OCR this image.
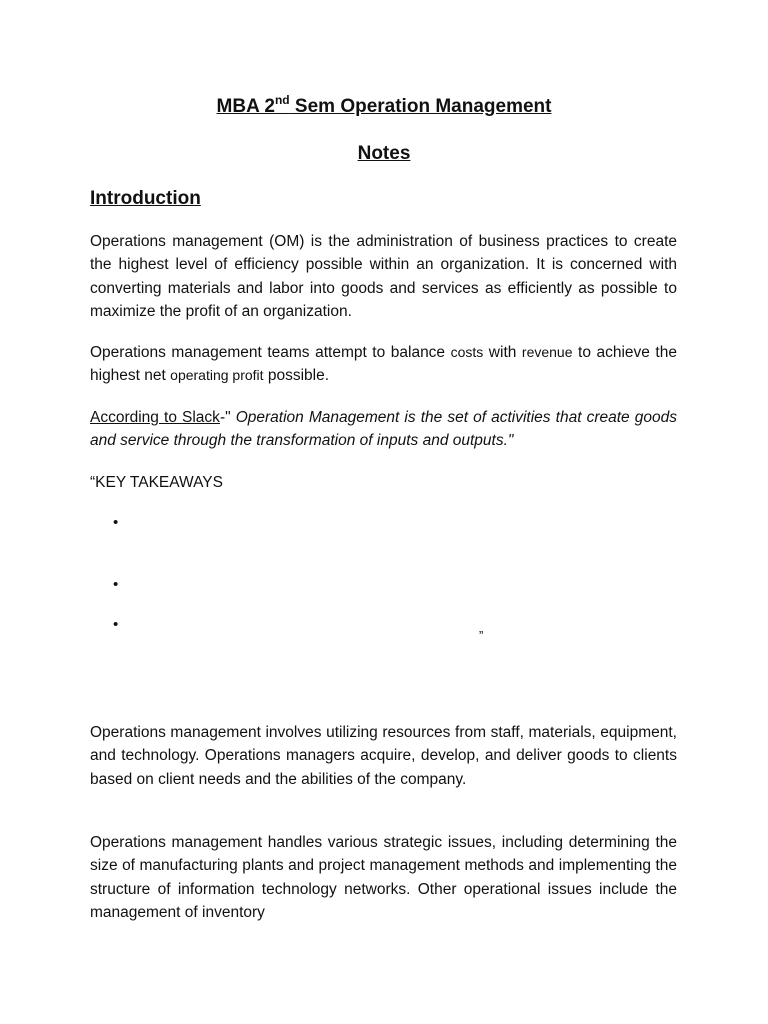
MBA 2nd Sem Operation Management
Notes
Introduction

Operations management (OM) is the administration of business practices to create the highest level of efficiency possible within an organization. It is concerned with converting materials and labor into goods and services as efficiently as possible to maximize the profit of an organization.

Operations management teams attempt to balance costs with revenue to achieve the highest net operating profit possible.

According to Slack-" Operation Management is the set of activities that create goods and service through the transformation of inputs and outputs."

“KEY TAKEAWAYS
•
•
•
”

Operations management involves utilizing resources from staff, materials, equipment, and technology. Operations managers acquire, develop, and deliver goods to clients based on client needs and the abilities of the company.

Operations management handles various strategic issues, including determining the size of manufacturing plants and project management methods and implementing the structure of information technology networks. Other operational issues include the management of inventory
